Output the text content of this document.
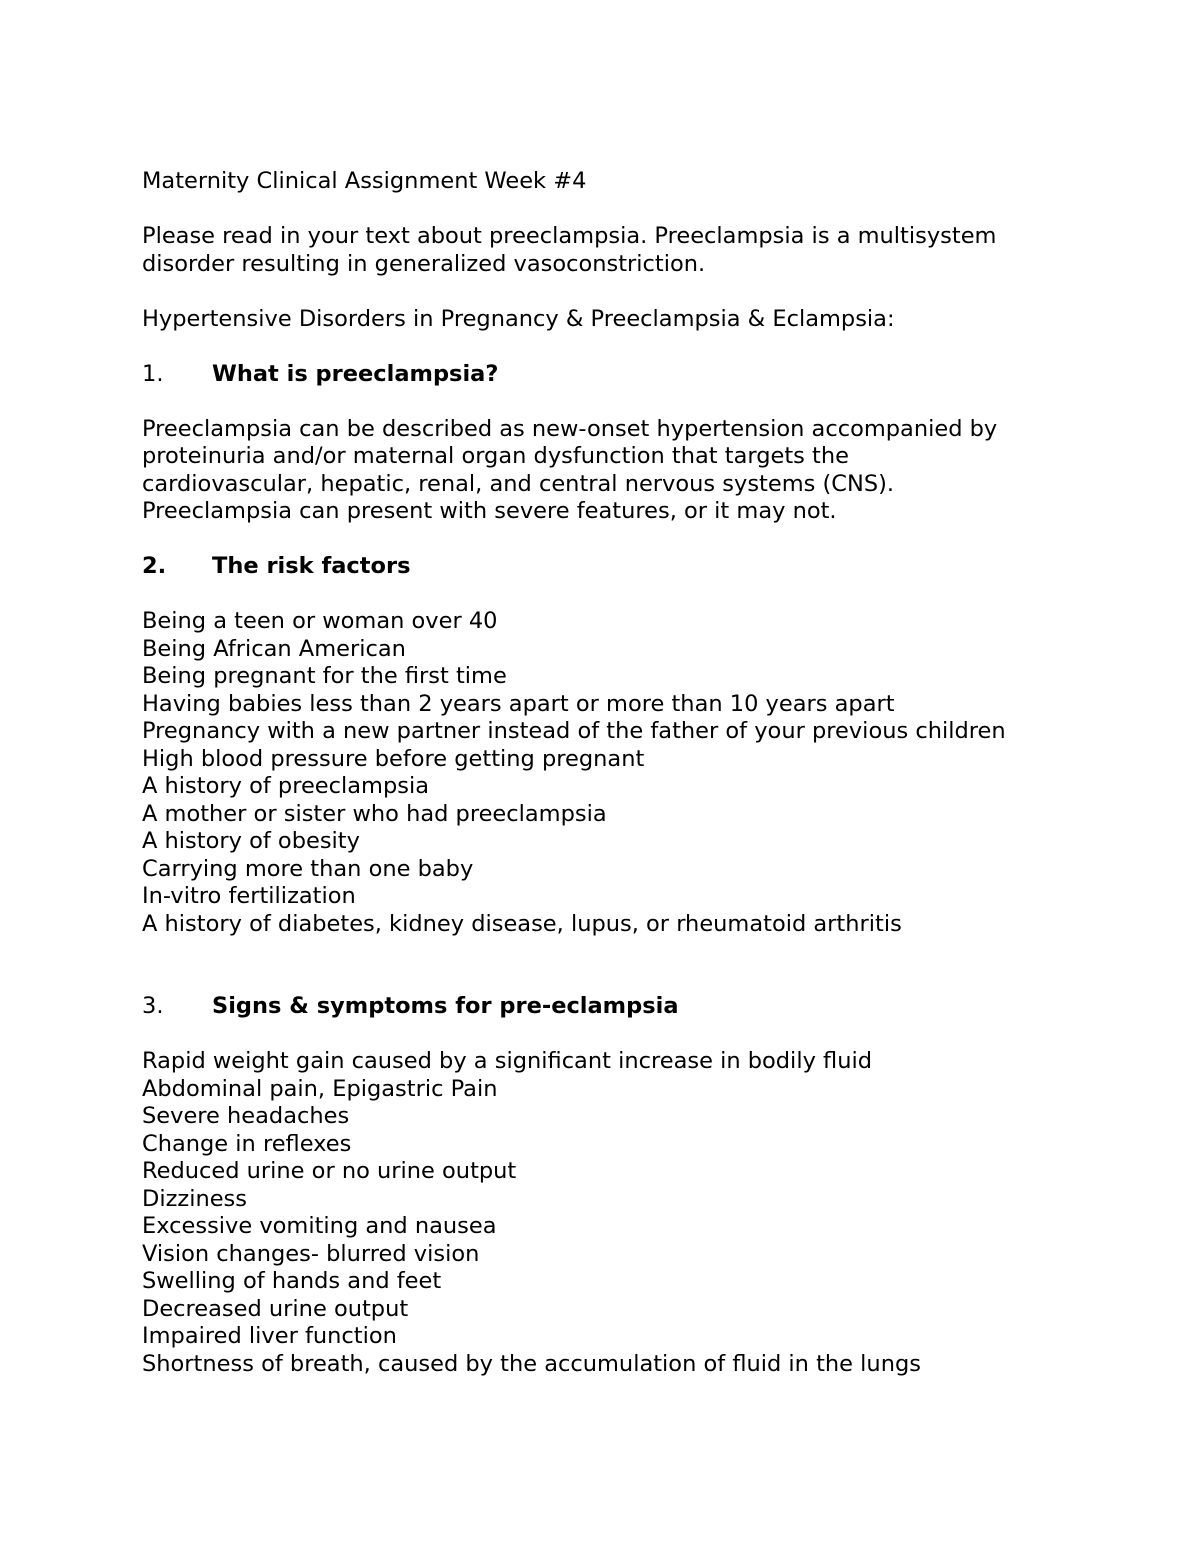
Maternity Clinical Assignment Week #4

Please read in your text about preeclampsia. Preeclampsia is a multisystem

disorder resulting in generalized vasoconstriction.

Hypertensive Disorders in Pregnancy & Preeclampsia & Eclampsia:

1.	What is preeclampsia?

Preeclampsia can be described as new-onset hypertension accompanied by

proteinuria and/or maternal organ dysfunction that targets the

cardiovascular, hepatic, renal, and central nervous systems (CNS).

Preeclampsia can present with severe features, or it may not.

2.	The risk factors
Being a teen or woman over 40
Being African American
Being pregnant for the first time
Having babies less than 2 years apart or more than 10 years apart
Pregnancy with a new partner instead of the father of your previous children
High blood pressure before getting pregnant
A history of preeclampsia
A mother or sister who had preeclampsia
A history of obesity
Carrying more than one baby
In-vitro fertilization
A history of diabetes, kidney disease, lupus, or rheumatoid arthritis
3.	Signs & symptoms for pre-eclampsia
Rapid weight gain caused by a significant increase in bodily fluid
Abdominal pain, Epigastric Pain
Severe headaches
Change in reflexes
Reduced urine or no urine output
Dizziness
Excessive vomiting and nausea
Vision changes- blurred vision
Swelling of hands and feet
Decreased urine output
Impaired liver function
Shortness of breath, caused by the accumulation of fluid in the lungs
